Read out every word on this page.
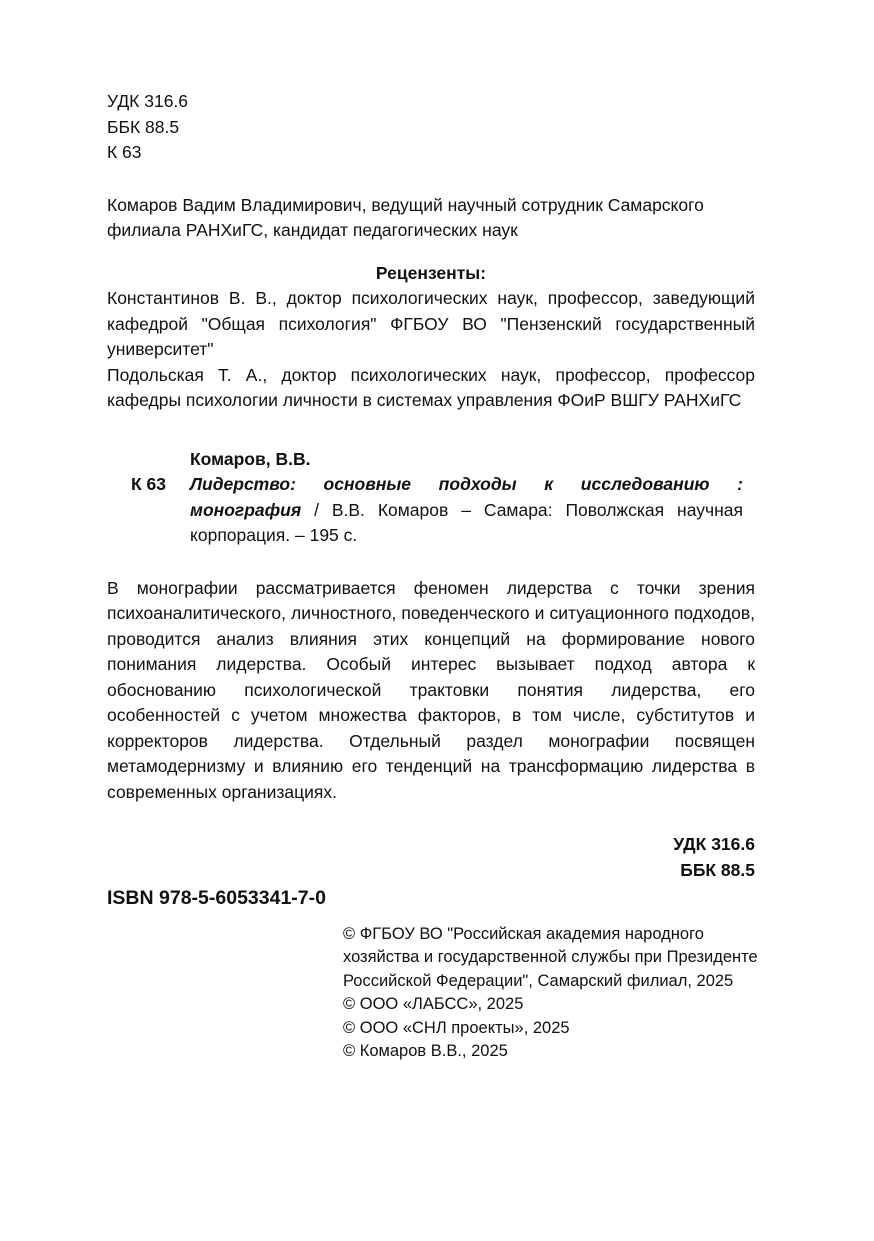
УДК 316.6
ББК 88.5
К 63
Комаров Вадим Владимирович, ведущий научный сотрудник Самарского филиала РАНХиГС, кандидат педагогических наук
Рецензенты:
Константинов В. В., доктор психологических наук, профессор, заведующий кафедрой "Общая психология" ФГБОУ ВО "Пензенский государственный университет"
Подольская Т. А., доктор психологических наук, профессор, профессор кафедры психологии личности в системах управления ФОиР ВШГУ РАНХиГС
К 63
Комаров, В.В.
Лидерство: основные подходы к исследованию : монография / В.В. Комаров – Самара: Поволжская научная корпорация. – 195 с.
В монографии рассматривается феномен лидерства с точки зрения психоаналитического, личностного, поведенческого и ситуационного подходов, проводится анализ влияния этих концепций на формирование нового понимания лидерства. Особый интерес вызывает подход автора к обоснованию психологической трактовки понятия лидерства, его особенностей с учетом множества факторов, в том числе, субститутов и корректоров лидерства. Отдельный раздел монографии посвящен метамодернизму и влиянию его тенденций на трансформацию лидерства в современных организациях.
УДК 316.6
ББК 88.5
ISBN 978-5-6053341-7-0
© ФГБОУ ВО "Российская академия народного хозяйства и государственной службы при Президенте Российской Федерации", Самарский филиал, 2025
© ООО «ЛАБСС», 2025
© ООО «СНЛ проекты», 2025
© Комаров В.В., 2025
